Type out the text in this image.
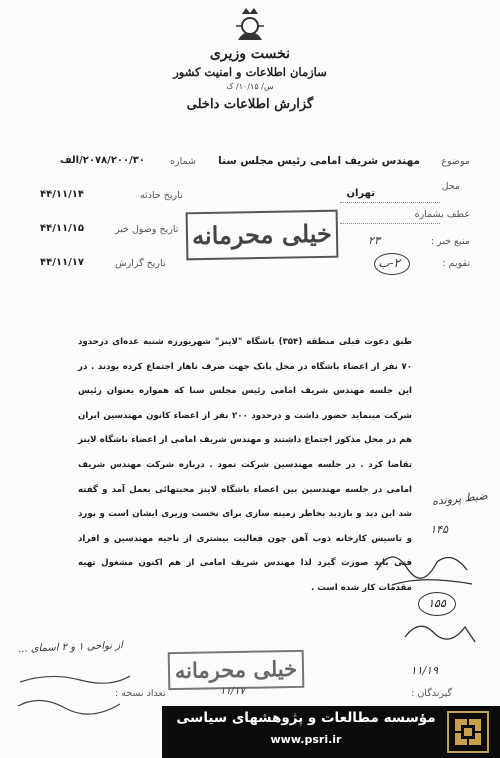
نخست وزیری
سازمان اطلاعات و امنیت کشور
س/ ۱۰/۱۵/ ک
گزارش اطلاعات داخلی
موضوع
مهندس شریف امامی رئیس مجلس سنا
محل
تهران
عطف بشماره
منبع خبر :
۲۳
تقویم :
۲-ب
شماره
۲۰۷۸/۲۰۰/۳۰/الف
تاریخ حادثه
۴۴/۱۱/۱۴
تاریخ وصول خبر
۴۴/۱۱/۱۵
تاریخ گزارش
۴۴/۱۱/۱۷
خیلی محرمانه
طبق دعوت قبلی منطقه (۳۵۴) باشگاه "لاینز" شهریورزه شنبه عده‌ای درحدود ۷۰ نفر از اعضاء باشگاه در محل بانک جهت صرف ناهار اجتماع کرده بودند . در این جلسه مهندس شریف امامی رئیس مجلس سنا که همواره بعنوان رئیس شرکت مینماید حضور داشت و درحدود ۲۰۰ نفر از اعضاء کانون مهندسین ایران هم در محل مذکور اجتماع داشتند و مهندس شریف امامی از اعضاء باشگاه لاینز تقاضا کرد . در جلسه مهندسین شرکت نمود . درباره شرکت مهندس شریف امامی در جلسه مهندسین بین اعضاء باشگاه لاینز محبتهائی بعمل آمد و گفته شد این دید و بازدید بخاطر زمینه سازی برای نخست وزیری ایشان است و بورد و تاسیس کارخانه ذوب آهن چون فعالیت بیشتری از ناحیه مهندسین و افراد فنی باید صورت گیرد لذا مهندس شریف امامی از هم اکنون مشغول تهیه مقدمات کار شده است .
ضبط پرونده
۱۴۵
۱۵۵
۱۱/۱۹
گیرندگان :
تعداد نسخه :
از نواحی ۱ و ۲ اسمای ...
۱۱/۱۷
خیلی محرمانه
مؤسسه مطالعات و پژوهشهای سیاسی
www.psri.ir
